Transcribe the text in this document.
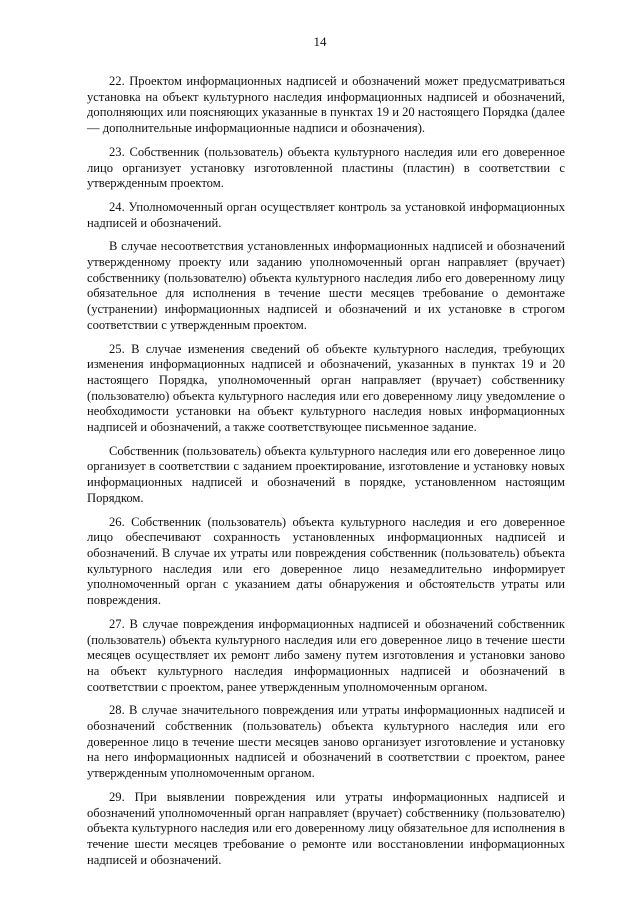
14

22. Проектом информационных надписей и обозначений может предусматриваться установка на объект культурного наследия информационных надписей и обозначений, дополняющих или поясняющих указанные в пунктах 19 и 20 настоящего Порядка (далее — дополнительные информационные надписи и обозначения).

23. Собственник (пользователь) объекта культурного наследия или его доверенное лицо организует установку изготовленной пластины (пластин) в соответствии с утвержденным проектом.

24. Уполномоченный орган осуществляет контроль за установкой информационных надписей и обозначений.

В случае несоответствия установленных информационных надписей и обозначений утвержденному проекту или заданию уполномоченный орган направляет (вручает) собственнику (пользователю) объекта культурного наследия либо его доверенному лицу обязательное для исполнения в течение шести месяцев требование о демонтаже (устранении) информационных надписей и обозначений и их установке в строгом соответствии с утвержденным проектом.

25. В случае изменения сведений об объекте культурного наследия, требующих изменения информационных надписей и обозначений, указанных в пунктах 19 и 20 настоящего Порядка, уполномоченный орган направляет (вручает) собственнику (пользователю) объекта культурного наследия или его доверенному лицу уведомление о необходимости установки на объект культурного наследия новых информационных надписей и обозначений, а также соответствующее письменное задание.

Собственник (пользователь) объекта культурного наследия или его доверенное лицо организует в соответствии с заданием проектирование, изготовление и установку новых информационных надписей и обозначений в порядке, установленном настоящим Порядком.

26. Собственник (пользователь) объекта культурного наследия и его доверенное лицо обеспечивают сохранность установленных информационных надписей и обозначений. В случае их утраты или повреждения собственник (пользователь) объекта культурного наследия или его доверенное лицо незамедлительно информирует уполномоченный орган с указанием даты обнаружения и обстоятельств утраты или повреждения.

27. В случае повреждения информационных надписей и обозначений собственник (пользователь) объекта культурного наследия или его доверенное лицо в течение шести месяцев осуществляет их ремонт либо замену путем изготовления и установки заново на объект культурного наследия информационных надписей и обозначений в соответствии с проектом, ранее утвержденным уполномоченным органом.

28. В случае значительного повреждения или утраты информационных надписей и обозначений собственник (пользователь) объекта культурного наследия или его доверенное лицо в течение шести месяцев заново организует изготовление и установку на него информационных надписей и обозначений в соответствии с проектом, ранее утвержденным уполномоченным органом.

29. При выявлении повреждения или утраты информационных надписей и обозначений уполномоченный орган направляет (вручает) собственнику (пользователю) объекта культурного наследия или его доверенному лицу обязательное для исполнения в течение шести месяцев требование о ремонте или восстановлении информационных надписей и обозначений.
